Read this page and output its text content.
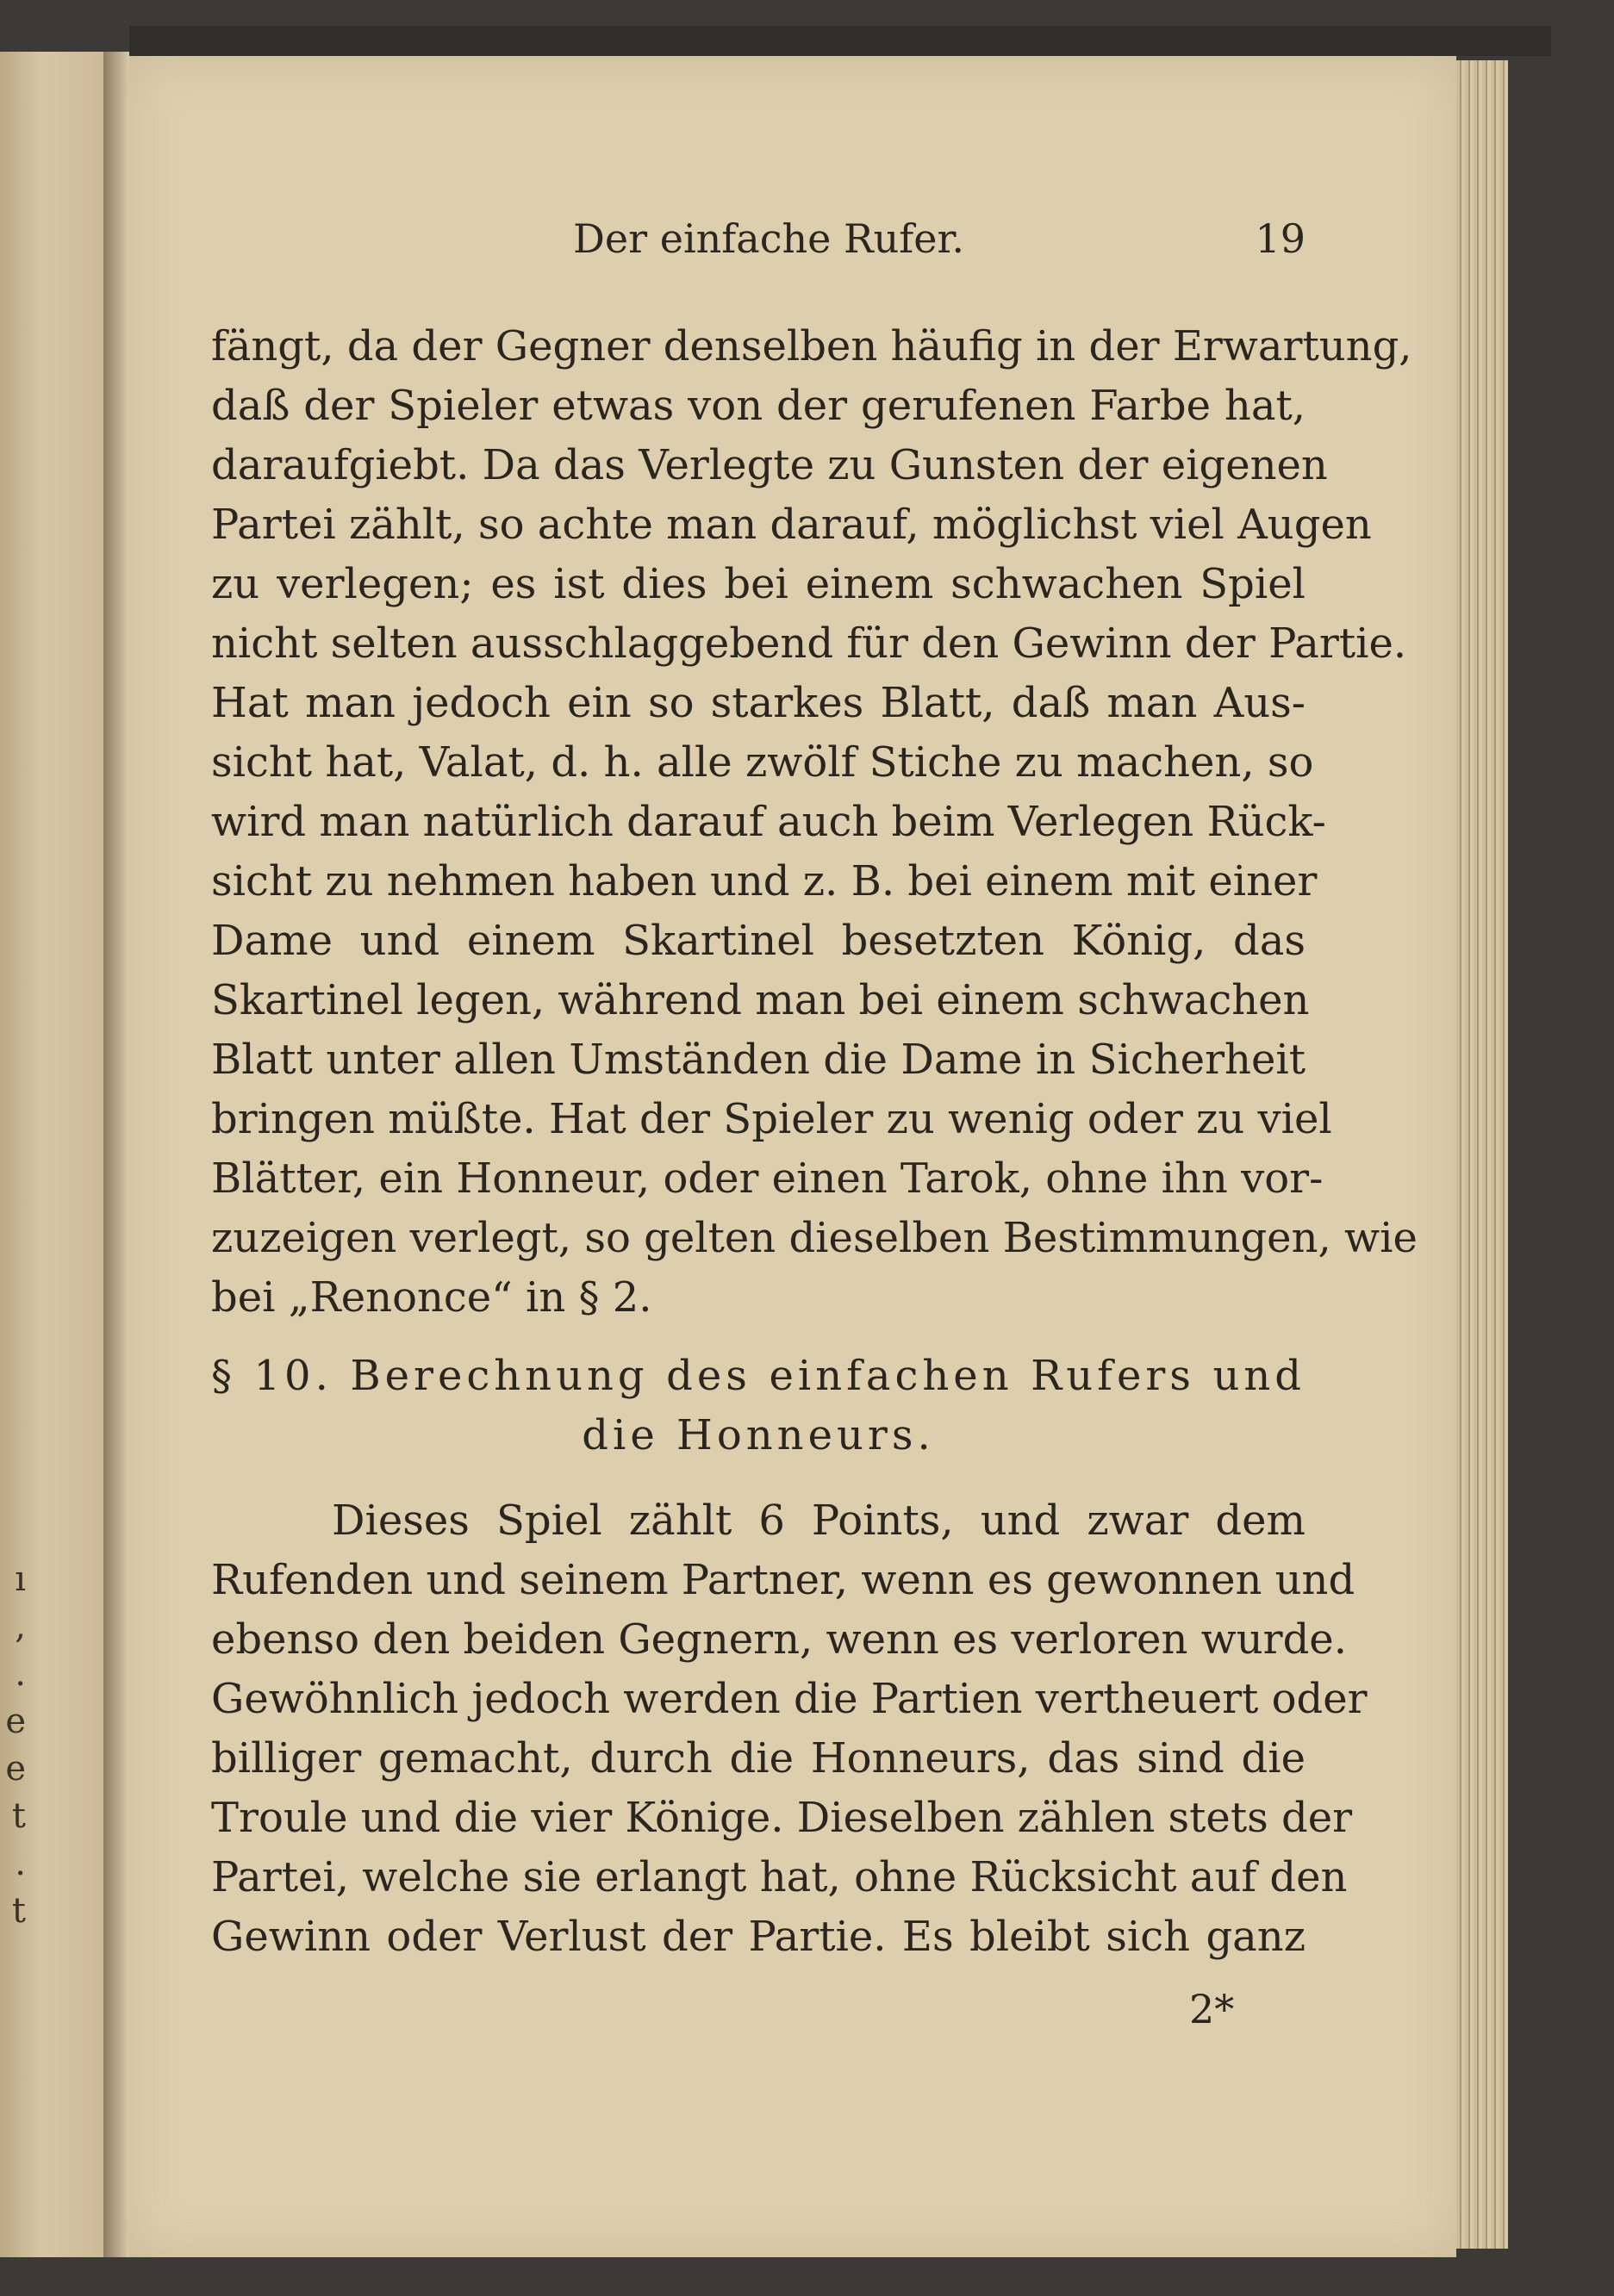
ı
,
.
e
e
t
.
t
Der einfache Rufer.	19
fängt, da der Gegner denselben häufig in der Erwartung,
daß der Spieler etwas von der gerufenen Farbe hat,
daraufgiebt. Da das Verlegte zu Gunsten der eigenen
Partei zählt, so achte man darauf, möglichst viel Augen
zu verlegen; es ist dies bei einem schwachen Spiel
nicht selten ausschlaggebend für den Gewinn der Partie.
Hat man jedoch ein so starkes Blatt, daß man Aus-
sicht hat, Valat, d. h. alle zwölf Stiche zu machen, so
wird man natürlich darauf auch beim Verlegen Rück-
sicht zu nehmen haben und z. B. bei einem mit einer
Dame und einem Skartinel besetzten König, das
Skartinel legen, während man bei einem schwachen
Blatt unter allen Umständen die Dame in Sicherheit
bringen müßte. Hat der Spieler zu wenig oder zu viel
Blätter, ein Honneur, oder einen Tarok, ohne ihn vor-
zuzeigen verlegt, so gelten dieselben Bestimmungen, wie
bei „Renonce“ in § 2.
§ 10. Berechnung des einfachen Rufers und
die Honneurs.
Dieses Spiel zählt 6 Points, und zwar dem
Rufenden und seinem Partner, wenn es gewonnen und
ebenso den beiden Gegnern, wenn es verloren wurde.
Gewöhnlich jedoch werden die Partien vertheuert oder
billiger gemacht, durch die Honneurs, das sind die
Troule und die vier Könige. Dieselben zählen stets der
Partei, welche sie erlangt hat, ohne Rücksicht auf den
Gewinn oder Verlust der Partie. Es bleibt sich ganz
2*
